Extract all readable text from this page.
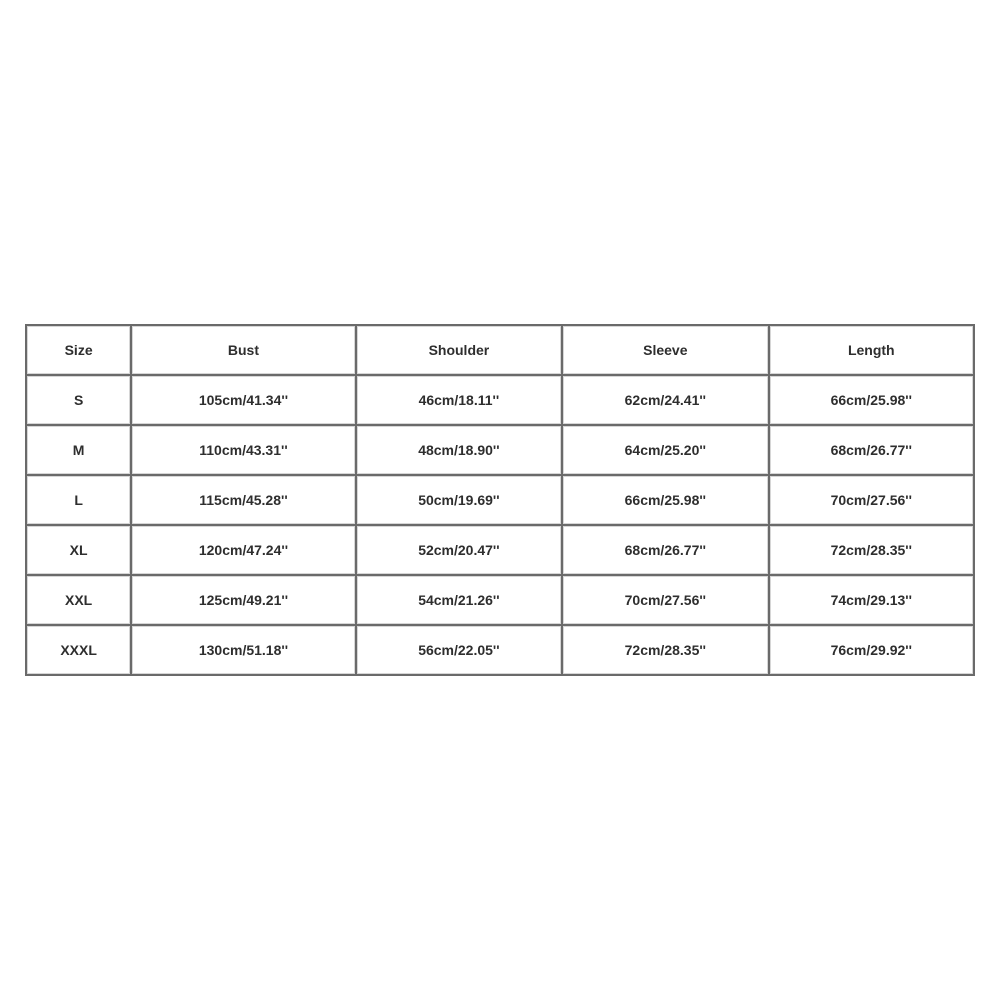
Size	Bust	Shoulder	Sleeve	Length
S	105cm/41.34''	46cm/18.11''	62cm/24.41''	66cm/25.98''
M	110cm/43.31''	48cm/18.90''	64cm/25.20''	68cm/26.77''
L	115cm/45.28''	50cm/19.69''	66cm/25.98''	70cm/27.56''
XL	120cm/47.24''	52cm/20.47''	68cm/26.77''	72cm/28.35''
XXL	125cm/49.21''	54cm/21.26''	70cm/27.56''	74cm/29.13''
XXXL	130cm/51.18''	56cm/22.05''	72cm/28.35''	76cm/29.92''
